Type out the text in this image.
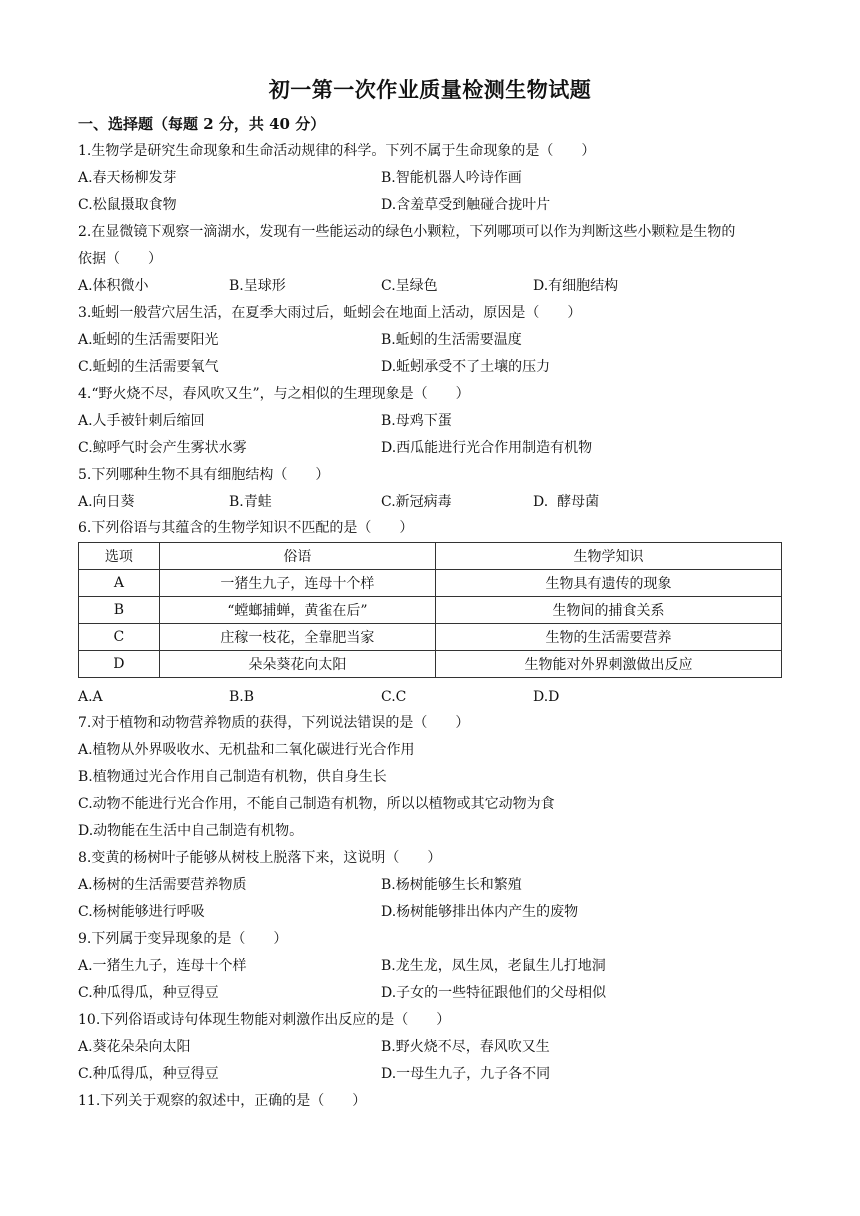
初一第一次作业质量检测生物试题
一、选择题（每题 2 分，共 40 分）
1.生物学是研究生命现象和生命活动规律的科学。下列不属于生命现象的是（　　）
A.春天杨柳发芽	B.智能机器人吟诗作画
C.松鼠摄取食物	D.含羞草受到触碰合拢叶片
2.在显微镜下观察一滴湖水，发现有一些能运动的绿色小颗粒，下列哪项可以作为判断这些小颗粒是生物的
依据（　　）
A.体积微小	B.呈球形	C.呈绿色	D.有细胞结构
3.蚯蚓一般营穴居生活，在夏季大雨过后，蚯蚓会在地面上活动，原因是（　　）
A.蚯蚓的生活需要阳光	B.蚯蚓的生活需要温度
C.蚯蚓的生活需要氧气	D.蚯蚓承受不了土壤的压力
4.“野火烧不尽，春风吹又生”，与之相似的生理现象是（　　）
A.人手被针刺后缩回	B.母鸡下蛋
C.鲸呼气时会产生雾状水雾	D.西瓜能进行光合作用制造有机物
5.下列哪种生物不具有细胞结构（　　）
A.向日葵	B.青蛙	C.新冠病毒	D.  酵母菌
6.下列俗语与其蕴含的生物学知识不匹配的是（　　）
选项	俗语	生物学知识
A	一猪生九子，连母十个样	生物具有遗传的现象
B	“螳螂捕蝉，黄雀在后”	生物间的捕食关系
C	庄稼一枝花，全靠肥当家	生物的生活需要营养
D	朵朵葵花向太阳	生物能对外界刺激做出反应
A.A	B.B	C.C	D.D
7.对于植物和动物营养物质的获得，下列说法错误的是（　　）
A.植物从外界吸收水、无机盐和二氧化碳进行光合作用
B.植物通过光合作用自己制造有机物，供自身生长
C.动物不能进行光合作用，不能自己制造有机物，所以以植物或其它动物为食
D.动物能在生活中自己制造有机物。
8.变黄的杨树叶子能够从树枝上脱落下来，这说明（　　）
A.杨树的生活需要营养物质	B.杨树能够生长和繁殖
C.杨树能够进行呼吸	D.杨树能够排出体内产生的废物
9.下列属于变异现象的是（　　）
A.一猪生九子，连母十个样	B.龙生龙，凤生凤，老鼠生儿打地洞
C.种瓜得瓜，种豆得豆	D.子女的一些特征跟他们的父母相似
10.下列俗语或诗句体现生物能对刺激作出反应的是（　　）
A.葵花朵朵向太阳	B.野火烧不尽，春风吹又生
C.种瓜得瓜，种豆得豆	D.一母生九子，九子各不同
11.下列关于观察的叙述中，正确的是（　　）
